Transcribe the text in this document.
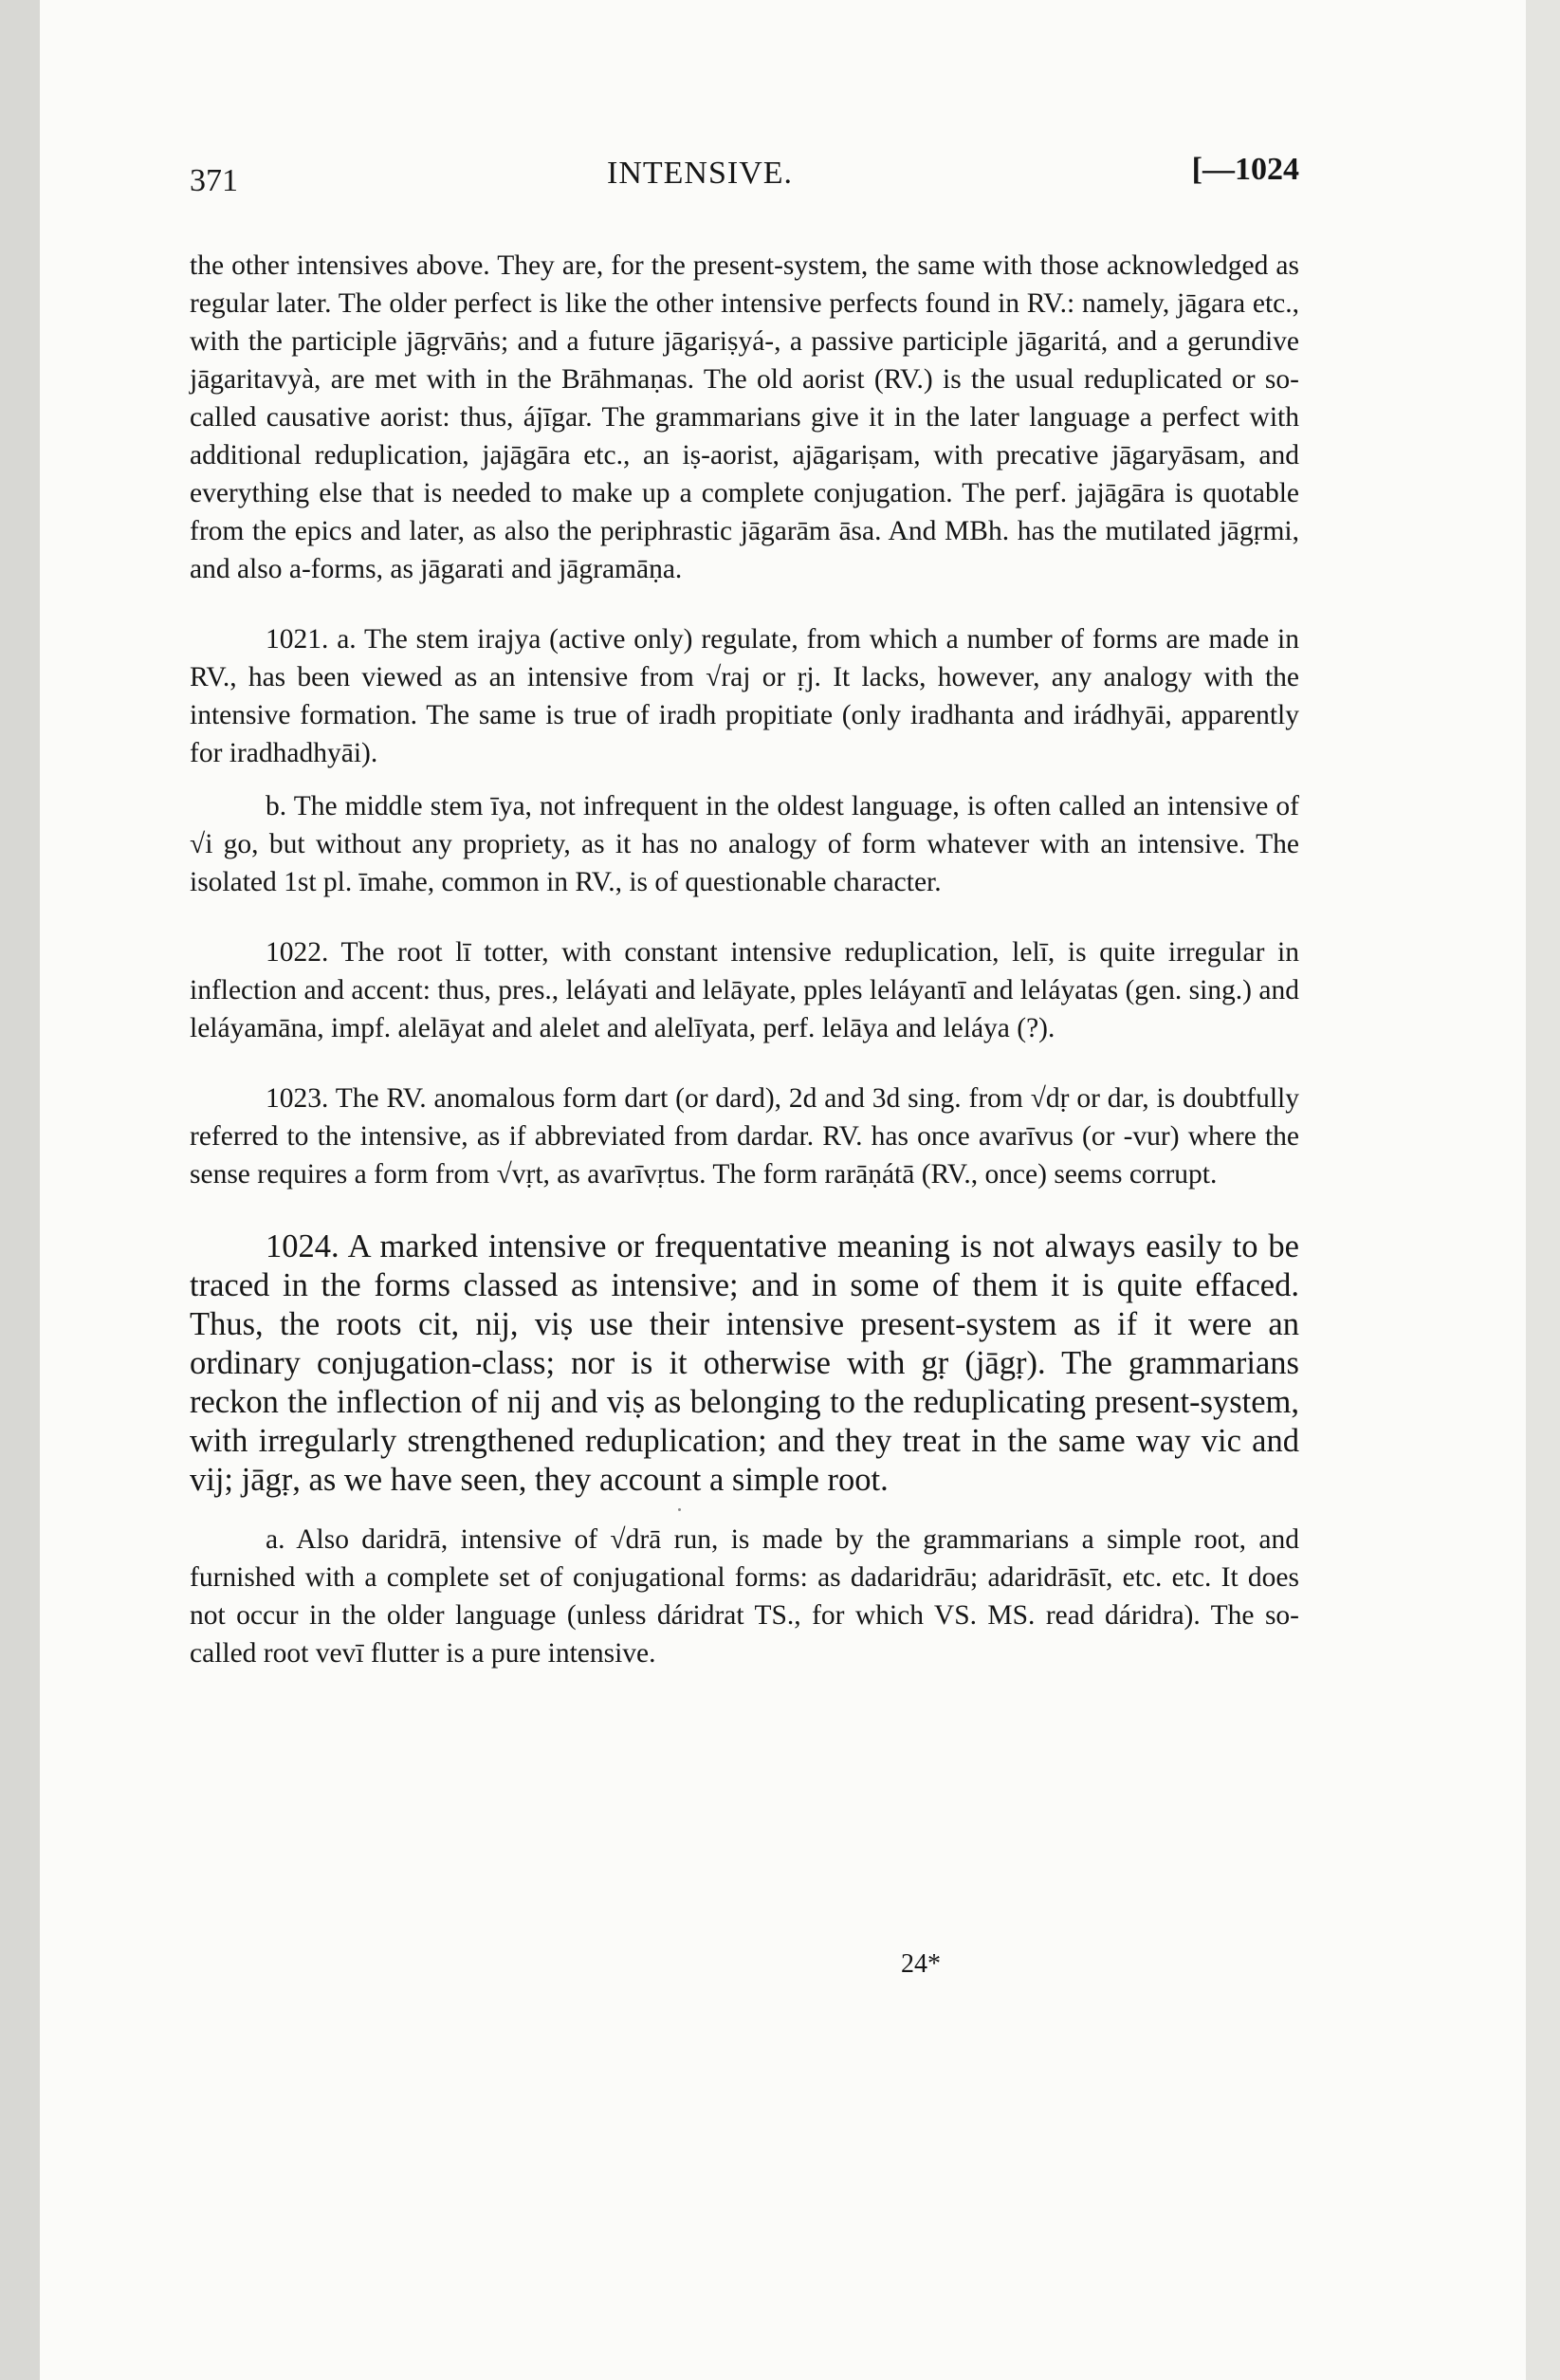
371	INTENSIVE.	[—1024

the other intensives above. They are, for the present-system, the same with those acknowledged as regular later. The older perfect is like the other intensive perfects found in RV.: namely, jāgara etc., with the participle jāgṛvāṅs; and a future jāgariṣyá-, a passive participle jāgaritá, and a gerundive jāgaritavyà, are met with in the Brāhmaṇas. The old aorist (RV.) is the usual reduplicated or so-called causative aorist: thus, ájīgar. The grammarians give it in the later language a perfect with additional reduplication, jajāgāra etc., an iṣ-aorist, ajāgariṣam, with precative jāgaryāsam, and everything else that is needed to make up a complete conjugation. The perf. jajāgāra is quotable from the epics and later, as also the periphrastic jāgarām āsa. And MBh. has the mutilated jāgṛmi, and also a-forms, as jāgarati and jāgramāṇa.

1021. a. The stem irajya (active only) regulate, from which a number of forms are made in RV., has been viewed as an intensive from √raj or ṛj. It lacks, however, any analogy with the intensive formation. The same is true of iradh propitiate (only iradhanta and irádhyāi, apparently for iradhadhyāi).

b. The middle stem īya, not infrequent in the oldest language, is often called an intensive of √i go, but without any propriety, as it has no analogy of form whatever with an intensive. The isolated 1st pl. īmahe, common in RV., is of questionable character.

1022. The root lī totter, with constant intensive reduplication, lelī, is quite irregular in inflection and accent: thus, pres., leláyati and lelāyate, pples leláyantī and leláyatas (gen. sing.) and leláyamāna, impf. alelāyat and alelet and alelīyata, perf. lelāya and leláya (?).

1023. The RV. anomalous form dart (or dard), 2d and 3d sing. from √dṛ or dar, is doubtfully referred to the intensive, as if abbreviated from dardar. RV. has once avarīvus (or -vur) where the sense requires a form from √vṛt, as avarīvṛtus. The form rarāṇátā (RV., once) seems corrupt.

1024. A marked intensive or frequentative meaning is not always easily to be traced in the forms classed as intensive; and in some of them it is quite effaced. Thus, the roots cit, nij, viṣ use their intensive present-system as if it were an ordinary conjugation-class; nor is it otherwise with gṛ (jāgṛ). The grammarians reckon the inflection of nij and viṣ as belonging to the reduplicating present-system, with irregularly strengthened reduplication; and they treat in the same way vic and vij; jāgṛ, as we have seen, they account a simple root.

a. Also daridrā, intensive of √drā run, is made by the grammarians a simple root, and furnished with a complete set of conjugational forms: as dadaridrāu; adaridrāsīt, etc. etc. It does not occur in the older language (unless dáridrat TS., for which VS. MS. read dáridra). The so-called root vevī flutter is a pure intensive.

24*
